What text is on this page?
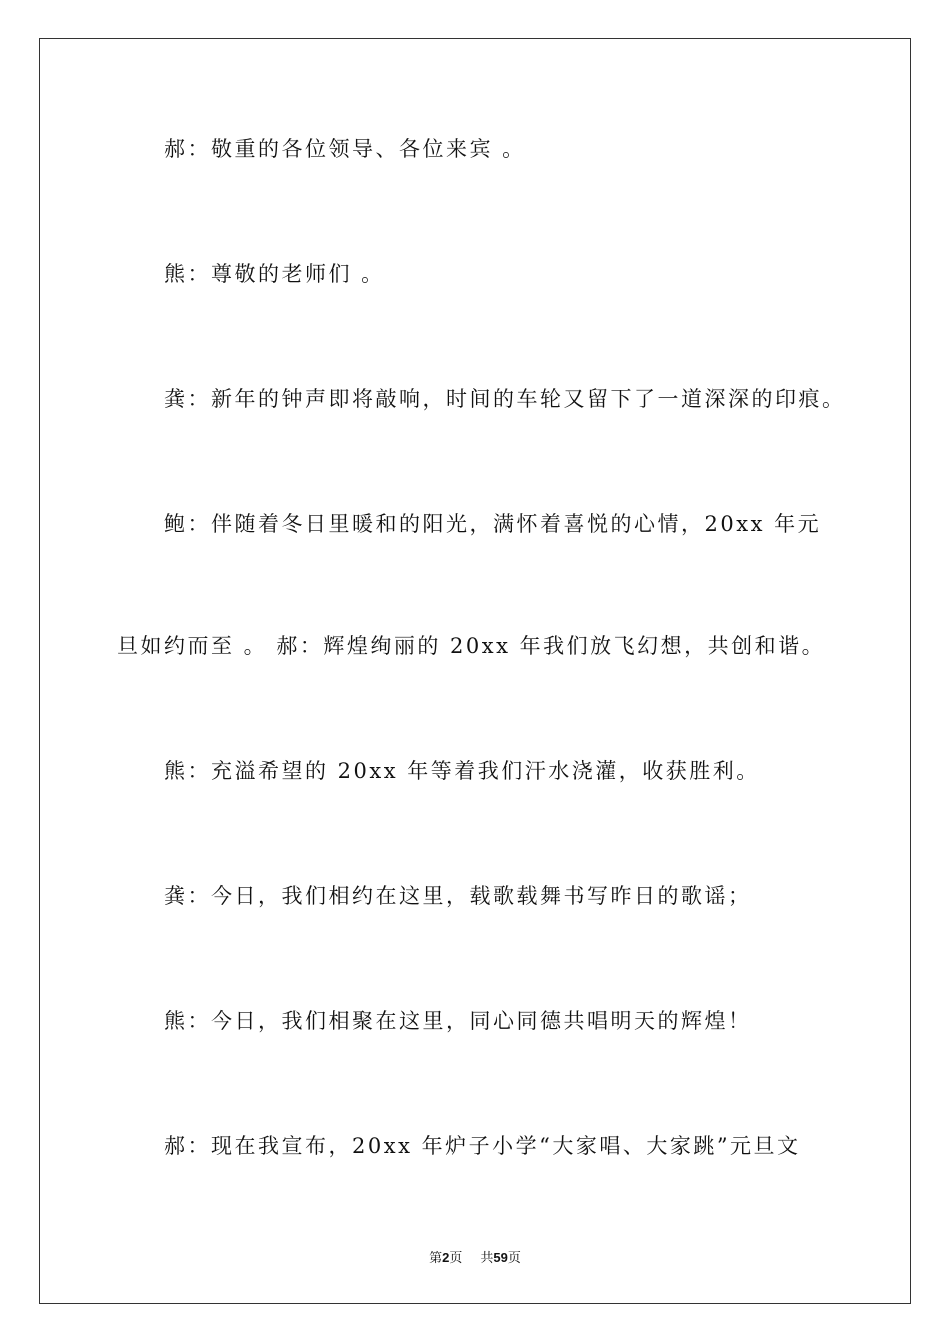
郝：敬重的各位领导、各位来宾 。
熊：尊敬的老师们 。
龚：新年的钟声即将敲响，时间的车轮又留下了一道深深的印痕。
鲍：伴随着冬日里暖和的阳光，满怀着喜悦的心情，20xx 年元
旦如约而至 。 郝：辉煌绚丽的 20xx 年我们放飞幻想，共创和谐。
熊：充溢希望的 20xx 年等着我们汗水浇灌，收获胜利。
龚：今日，我们相约在这里，载歌载舞书写昨日的歌谣；
熊：今日，我们相聚在这里，同心同德共唱明天的辉煌！
郝：现在我宣布，20xx 年炉子小学“大家唱、大家跳”元旦文
第2页 共59页
